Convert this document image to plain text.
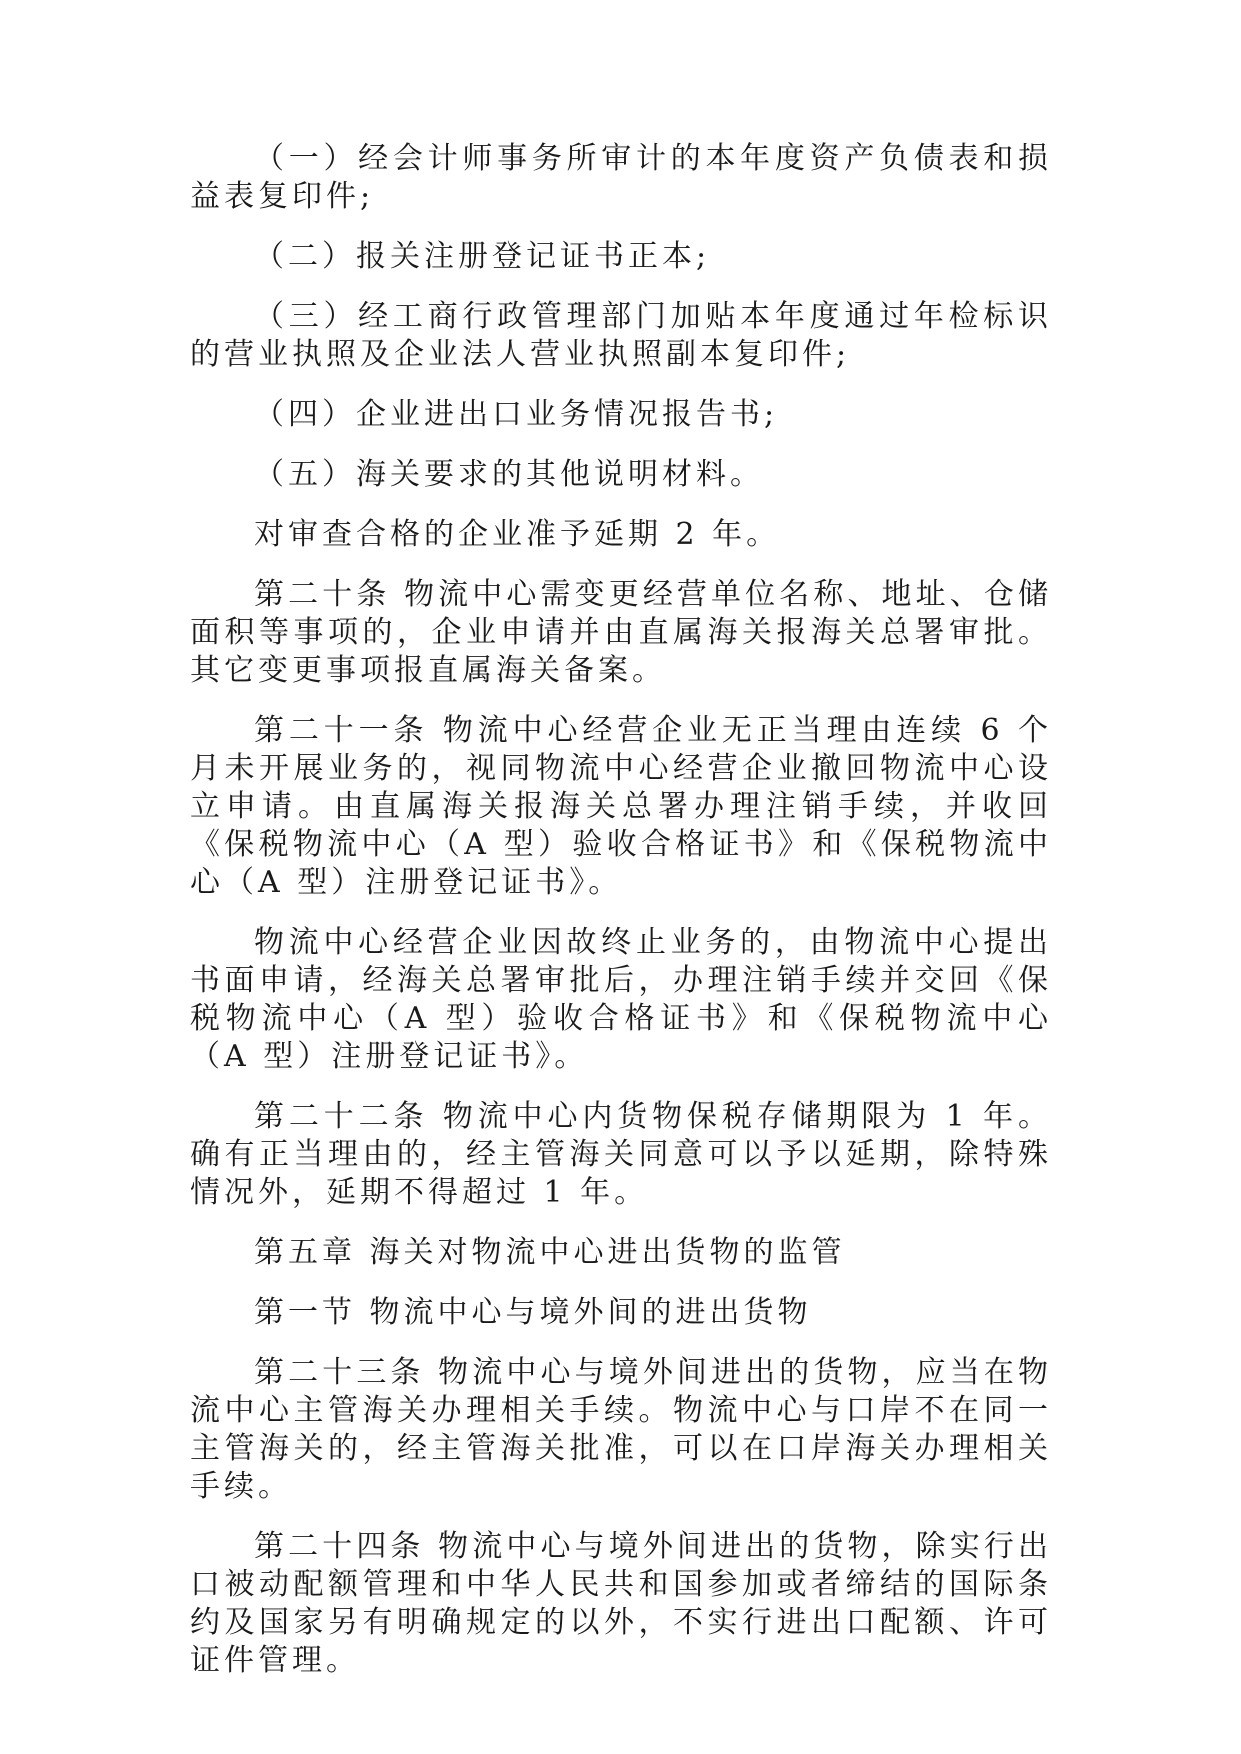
（一）经会计师事务所审计的本年度资产负债表和损益表复印件;

（二）报关注册登记证书正本;

（三）经工商行政管理部门加贴本年度通过年检标识的营业执照及企业法人营业执照副本复印件;

（四）企业进出口业务情况报告书;

（五）海关要求的其他说明材料。

对审查合格的企业准予延期 2 年。

第二十条 物流中心需变更经营单位名称、地址、仓储面积等事项的，企业申请并由直属海关报海关总署审批。其它变更事项报直属海关备案。

第二十一条 物流中心经营企业无正当理由连续 6 个月未开展业务的，视同物流中心经营企业撤回物流中心设立申请。由直属海关报海关总署办理注销手续，并收回《保税物流中心（A 型）验收合格证书》和《保税物流中心（A 型）注册登记证书》。

物流中心经营企业因故终止业务的，由物流中心提出书面申请，经海关总署审批后，办理注销手续并交回《保税物流中心（A 型）验收合格证书》和《保税物流中心（A 型）注册登记证书》。

第二十二条 物流中心内货物保税存储期限为 1 年。确有正当理由的，经主管海关同意可以予以延期，除特殊情况外，延期不得超过 1 年。

第五章 海关对物流中心进出货物的监管

第一节 物流中心与境外间的进出货物

第二十三条 物流中心与境外间进出的货物，应当在物流中心主管海关办理相关手续。物流中心与口岸不在同一主管海关的，经主管海关批准，可以在口岸海关办理相关手续。

第二十四条 物流中心与境外间进出的货物，除实行出口被动配额管理和中华人民共和国参加或者缔结的国际条约及国家另有明确规定的以外，不实行进出口配额、许可证件管理。
